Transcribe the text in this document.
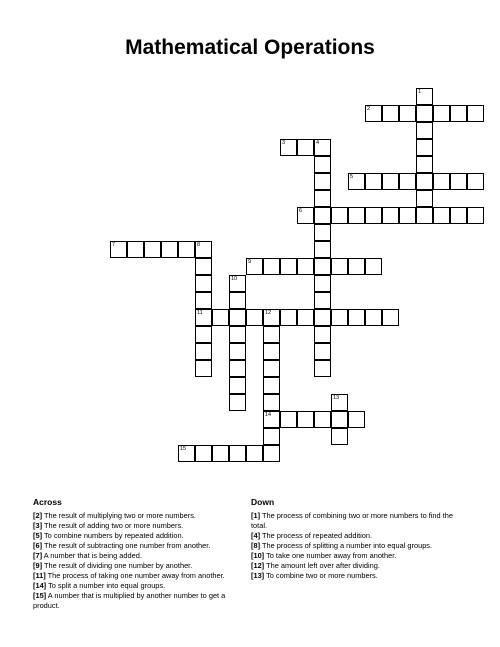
Mathematical Operations
1
2
3	4
5
6
7	8
11
9
10
12
14
13
15
Across

[2] The result of multiplying two or more numbers.

[3] The result of adding two or more numbers.

[5] To combine numbers by repeated addition.

[6] The result of subtracting one number from another.

[7] A number that is being added.

[9] The result of dividing one number by another.

[11] The process of taking one number away from another.

[14] To split a number into equal groups.

[15] A number that is multiplied by another number to get a product.

Down

[1] The process of combining two or more numbers to find the total.

[4] The process of repeated addition.

[8] The process of splitting a number into equal groups.

[10] To take one number away from another.

[12] The amount left over after dividing.

[13] To combine two or more numbers.
